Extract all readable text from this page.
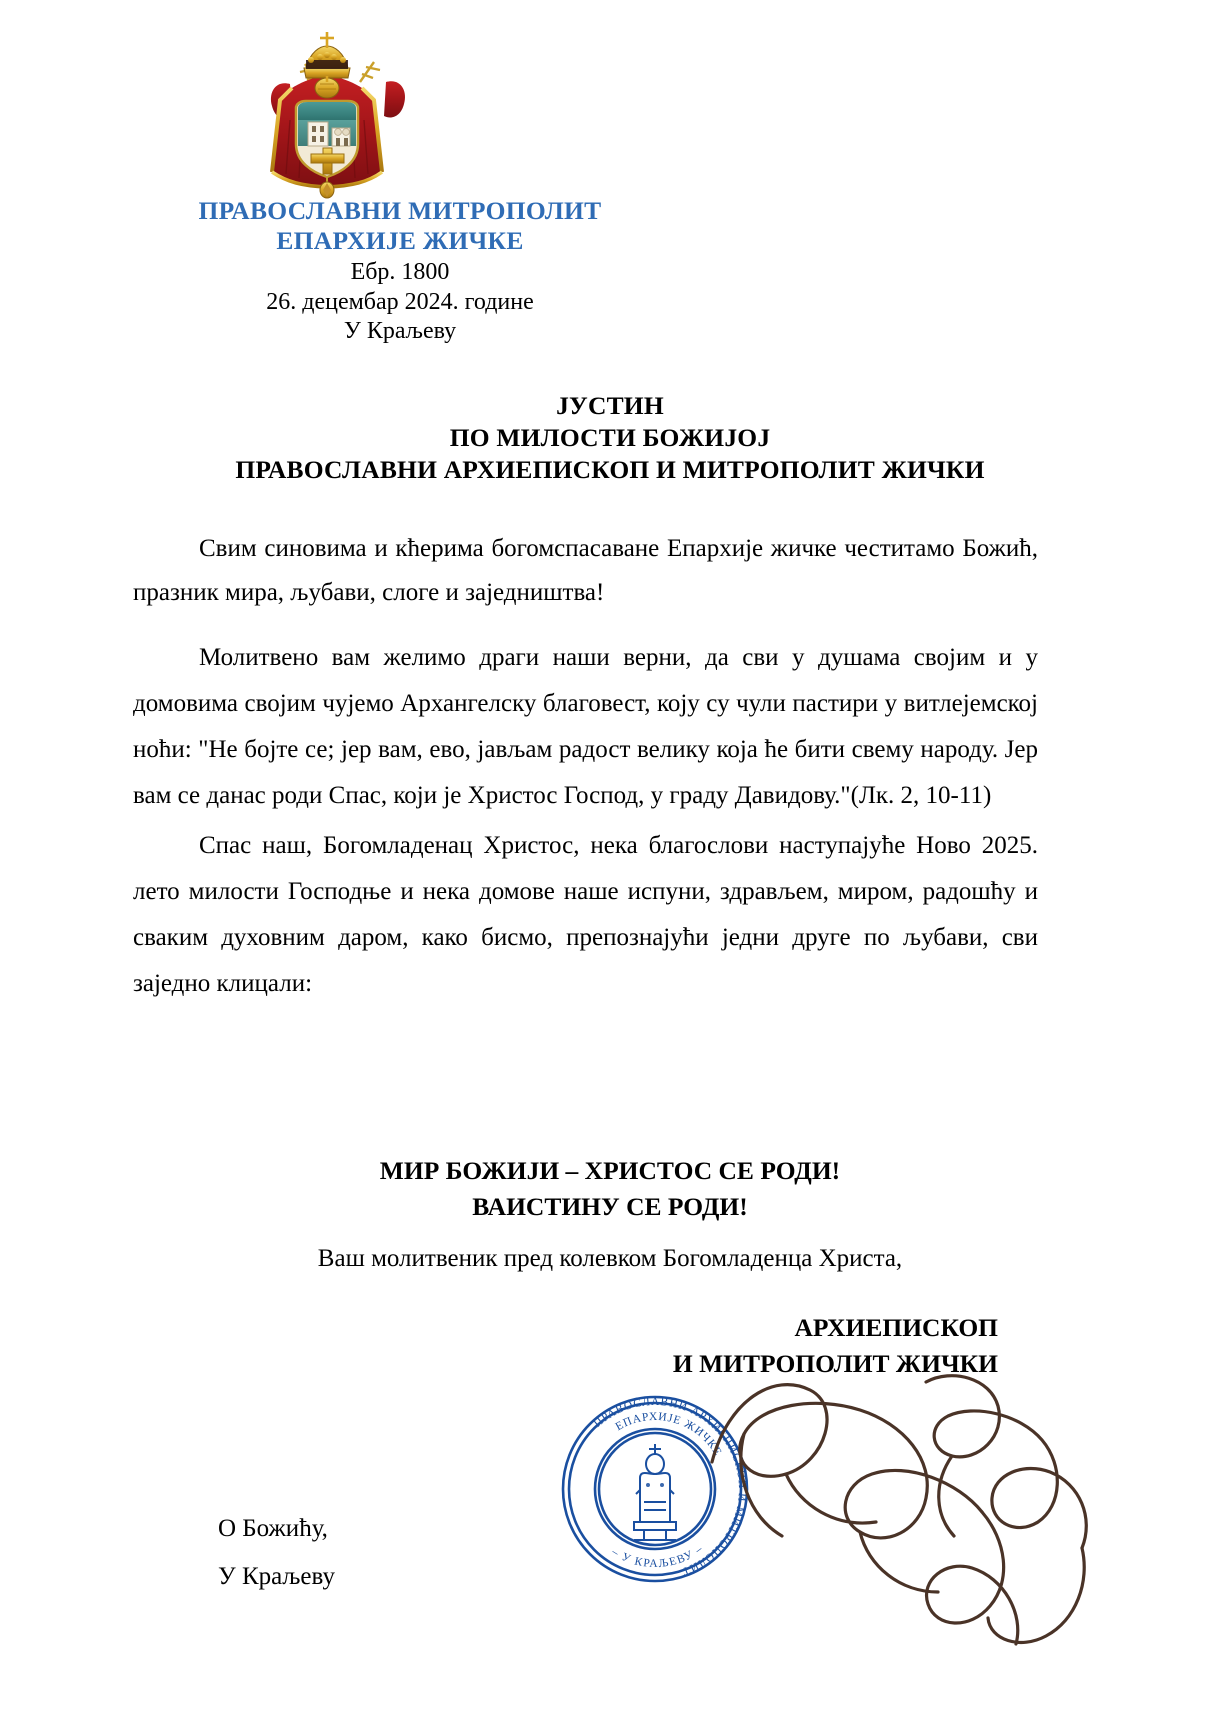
ПРАВОСЛАВНИ МИТРОПОЛИТ
ЕПАРХИЈЕ ЖИЧКЕ
Ебр. 1800
26. децембар 2024. године
У Краљеву
ЈУСТИН
ПО МИЛОСТИ БОЖИЈОЈ
ПРАВОСЛАВНИ АРХИЕПИСКОП И МИТРОПОЛИТ ЖИЧКИ

Свим синовима и кћерима богомспасаване Епархије жичке честитамо Божић, празник мира, љубави, слоге и заједништва!

Молитвено вам желимо драги наши верни, да сви у душама својим и у домовима својим чујемо Архангелску благовест, коју су чули пастири у витлејемској ноћи: "Не бојте се; јер вам, ево, јављам радост велику која ће бити свему народу. Јер вам се данас роди Спас, који је Христос Господ, у граду Давидову."(Лк. 2, 10-11)

Спас наш, Богомладенац Христос, нека благослови наступајуће Ново 2025. лето милости Господње и нека домове наше испуни, здрављем, миром, радошћу и сваким духовним даром, како бисмо, препознајући једни друге по љубави, сви заједно клицали:

МИР БОЖИЈИ – ХРИСТОС СЕ РОДИ!
ВАИСТИНУ СЕ РОДИ!
Ваш молитвеник пред колевком Богомладенца Христа,
АРХИЕПИСКОП
И МИТРОПОЛИТ ЖИЧКИ
ПРАВОСЛАВНИ АРХИЕПИСКОП И МИТРОПОЛИТ
ЕПАРХИЈЕ ЖИЧКЕ
– У КРАЉЕВУ –
О Божићу,
У Краљеву
